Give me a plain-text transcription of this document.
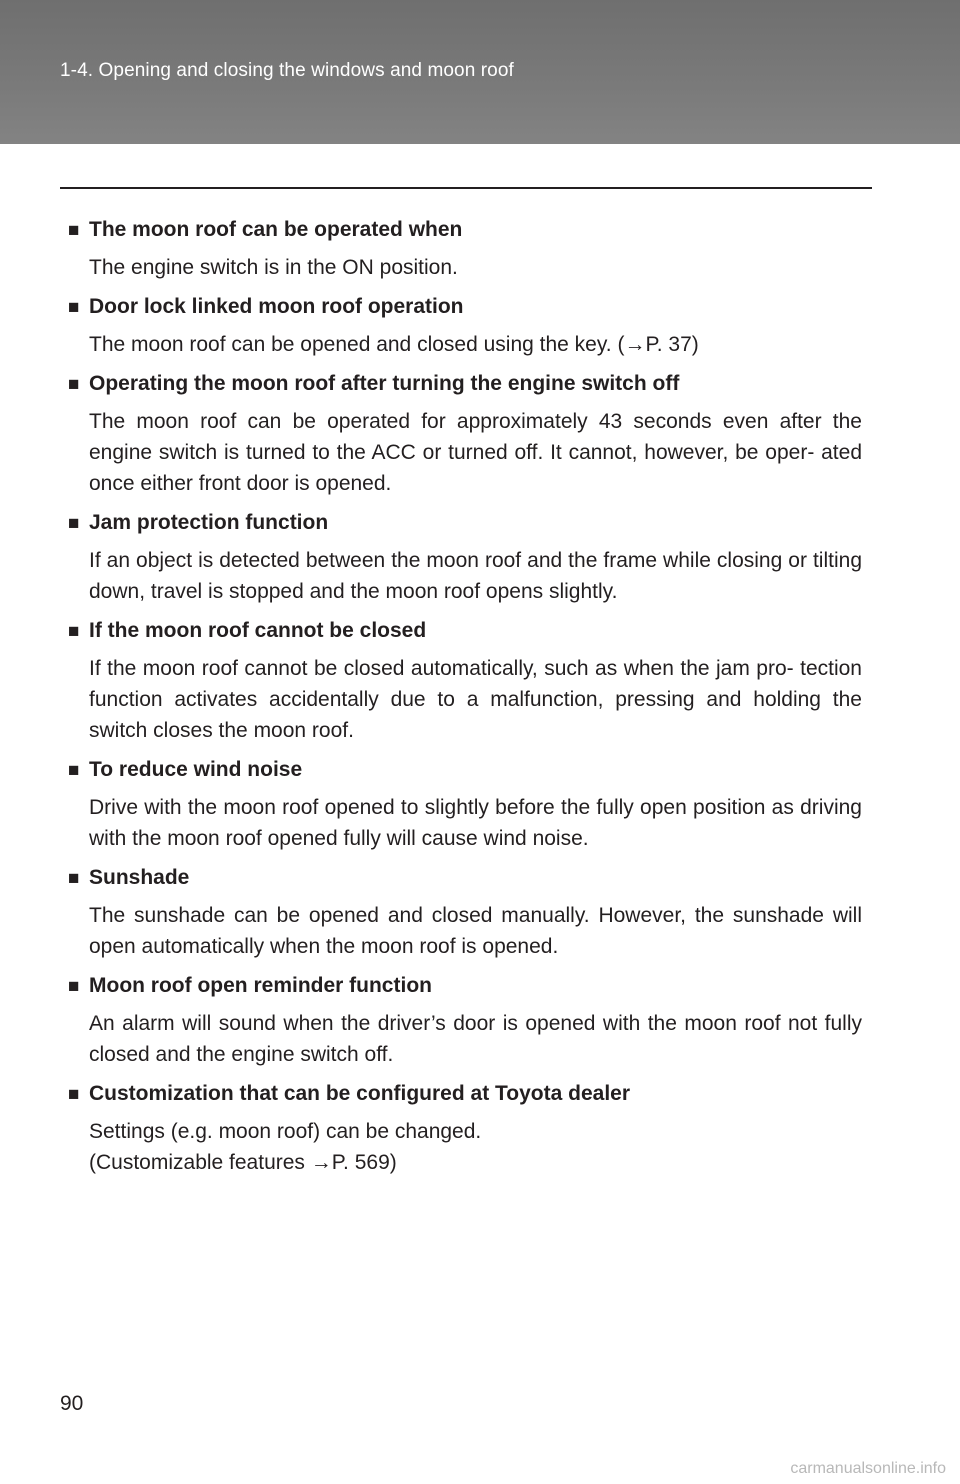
1-4. Opening and closing the windows and moon roof
■ The moon roof can be operated when
The engine switch is in the ON position.
■ Door lock linked moon roof operation
The moon roof can be opened and closed using the key. (→P. 37)
■ Operating the moon roof after turning the engine switch off
The moon roof can be operated for approximately 43 seconds even after the engine switch is turned to the ACC or turned off. It cannot, however, be oper- ated once either front door is opened.
■ Jam protection function
If an object is detected between the moon roof and the frame while closing or tilting down, travel is stopped and the moon roof opens slightly.
■ If the moon roof cannot be closed
If the moon roof cannot be closed automatically, such as when the jam pro- tection function activates accidentally due to a malfunction, pressing and holding the switch closes the moon roof.
■ To reduce wind noise
Drive with the moon roof opened to slightly before the fully open position as driving with the moon roof opened fully will cause wind noise.
■ Sunshade
The sunshade can be opened and closed manually. However, the sunshade will open automatically when the moon roof is opened.
■ Moon roof open reminder function
An alarm will sound when the driver’s door is opened with the moon roof not fully closed and the engine switch off.
■ Customization that can be configured at Toyota dealer
Settings (e.g. moon roof) can be changed.
(Customizable features →P. 569)
90
carmanualsonline.info
